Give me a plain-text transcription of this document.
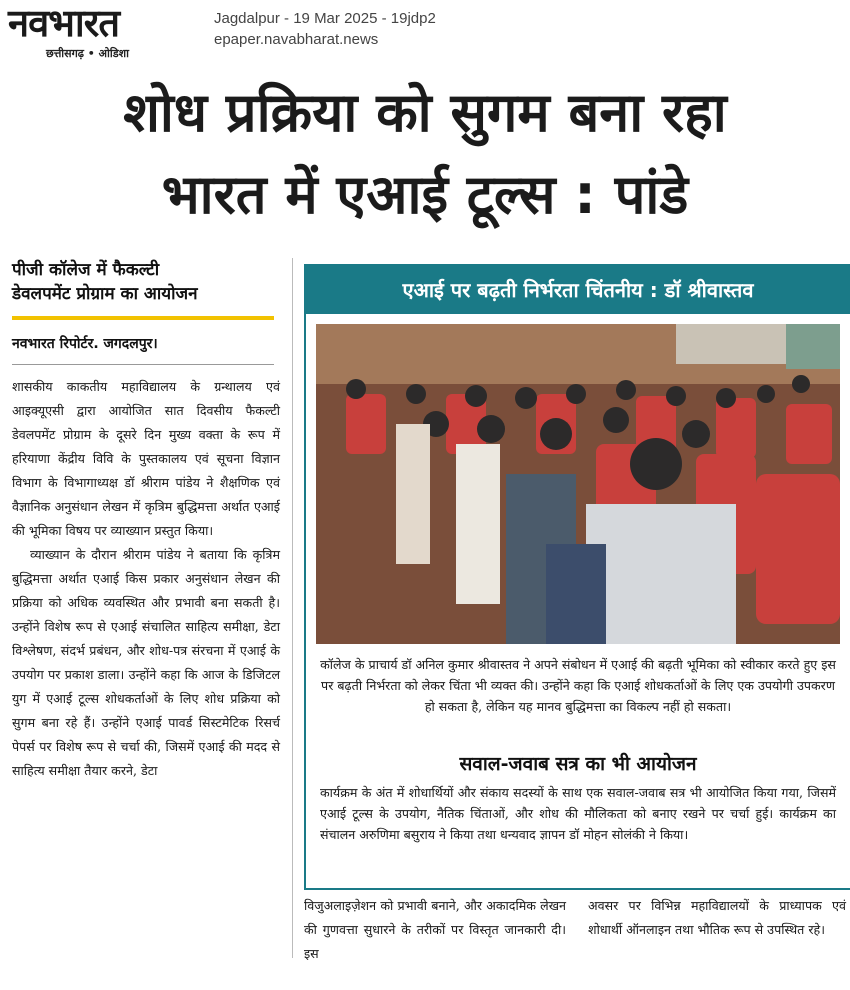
नवभारत
छत्तीसगढ़ • ओडिशा
Jagdalpur - 19 Mar 2025 - 19jdp2
epaper.navabharat.news
शोध प्रक्रिया को सुगम बना रहा
भारत में एआई टूल्स : पांडे
पीजी कॉलेज में फैकल्टी
डेवलपमेंट प्रोग्राम का आयोजन
नवभारत रिपोर्टर. जगदलपुर।

शासकीय काकतीय महाविद्यालय के ग्रन्थालय एवं आइक्यूएसी द्वारा आयोजित सात दिवसीय फैकल्टी डेवलपमेंट प्रोग्राम के दूसरे दिन मुख्य वक्ता के रूप में हरियाणा केंद्रीय विवि के पुस्तकालय एवं सूचना विज्ञान विभाग के विभागाध्यक्ष डॉ श्रीराम पांडेय ने शैक्षणिक एवं वैज्ञानिक अनुसंधान लेखन में कृत्रिम बुद्धिमत्ता अर्थात एआई की भूमिका विषय पर व्याख्यान प्रस्तुत किया।

व्याख्यान के दौरान श्रीराम पांडेय ने बताया कि कृत्रिम बुद्धिमत्ता अर्थात एआई किस प्रकार अनुसंधान लेखन की प्रक्रिया को अधिक व्यवस्थित और प्रभावी बना सकती है। उन्होंने विशेष रूप से एआई संचालित साहित्य समीक्षा, डेटा विश्लेषण, संदर्भ प्रबंधन, और शोध-पत्र संरचना में एआई के उपयोग पर प्रकाश डाला। उन्होंने कहा कि आज के डिजिटल युग में एआई टूल्स शोधकर्ताओं के लिए शोध प्रक्रिया को सुगम बना रहे हैं। उन्होंने एआई पावर्ड सिस्टमेटिक रिसर्च पेपर्स पर विशेष रूप से चर्चा की, जिसमें एआई की मदद से साहित्य समीक्षा तैयार करने, डेटा

एआई पर बढ़ती निर्भरता चिंतनीय : डॉ श्रीवास्तव
कॉलेज के प्राचार्य डॉ अनिल कुमार श्रीवास्तव ने अपने संबोधन में एआई की बढ़ती भूमिका को स्वीकार करते हुए इस पर बढ़ती निर्भरता को लेकर चिंता भी व्यक्त की। उन्होंने कहा कि एआई शोधकर्ताओं के लिए एक उपयोगी उपकरण हो सकता है, लेकिन यह मानव बुद्धिमत्ता का विकल्प नहीं हो सकता।
सवाल-जवाब सत्र का भी आयोजन
कार्यक्रम के अंत में शोधार्थियों और संकाय सदस्यों के साथ एक सवाल-जवाब सत्र भी आयोजित किया गया, जिसमें एआई टूल्स के उपयोग, नैतिक चिंताओं, और शोध की मौलिकता को बनाए रखने पर चर्चा हुई। कार्यक्रम का संचालन अरुणिमा बसुराय ने किया तथा धन्यवाद ज्ञापन डॉ मोहन सोलंकी ने किया।
विजुअलाइज़ेशन को प्रभावी बनाने, और अकादमिक लेखन की गुणवत्ता सुधारने के तरीकों पर विस्तृत जानकारी दी। इस
अवसर पर विभिन्न महाविद्यालयों के प्राध्यापक एवं शोधार्थी ऑनलाइन तथा भौतिक रूप से उपस्थित रहे।
